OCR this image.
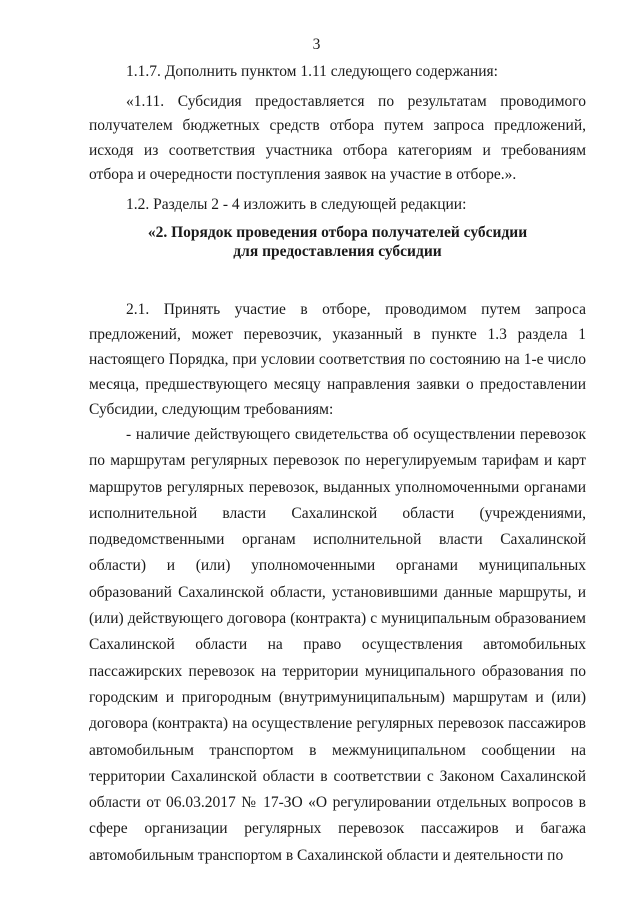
3

1.1.7. Дополнить пунктом 1.11 следующего содержания:

«1.11. Субсидия предоставляется по результатам проводимого получателем бюджетных средств отбора путем запроса предложений, исходя из соответствия участника отбора категориям и требованиям отбора и очередности поступления заявок на участие в отборе.».

1.2. Разделы 2 - 4 изложить в следующей редакции:

«2. Порядок проведения отбора получателей субсидии
для предоставления субсидии

2.1. Принять участие в отборе, проводимом путем запроса предложений, может перевозчик, указанный в пункте 1.3 раздела 1 настоящего Порядка, при условии соответствия по состоянию на 1-е число месяца, предшествующего месяцу направления заявки о предоставлении Субсидии, следующим требованиям:

- наличие действующего свидетельства об осуществлении перевозок по маршрутам регулярных перевозок по нерегулируемым тарифам и карт маршрутов регулярных перевозок, выданных уполномоченными органами исполнительной власти Сахалинской области (учреждениями, подведомственными органам исполнительной власти Сахалинской области) и (или) уполномоченными органами муниципальных образований Сахалинской области, установившими данные маршруты, и (или) действующего договора (контракта) с муниципальным образованием Сахалинской области на право осуществления автомобильных пассажирских перевозок на территории муниципального образования по городским и пригородным (внутримуниципальным) маршрутам и (или) договора (контракта) на осуществление регулярных перевозок пассажиров автомобильным транспортом в межмуниципальном сообщении на территории Сахалинской области в соответствии с Законом Сахалинской области от 06.03.2017 № 17-ЗО «О регулировании отдельных вопросов в сфере организации регулярных перевозок пассажиров и багажа автомобильным транспортом в Сахалинской области и деятельности по
